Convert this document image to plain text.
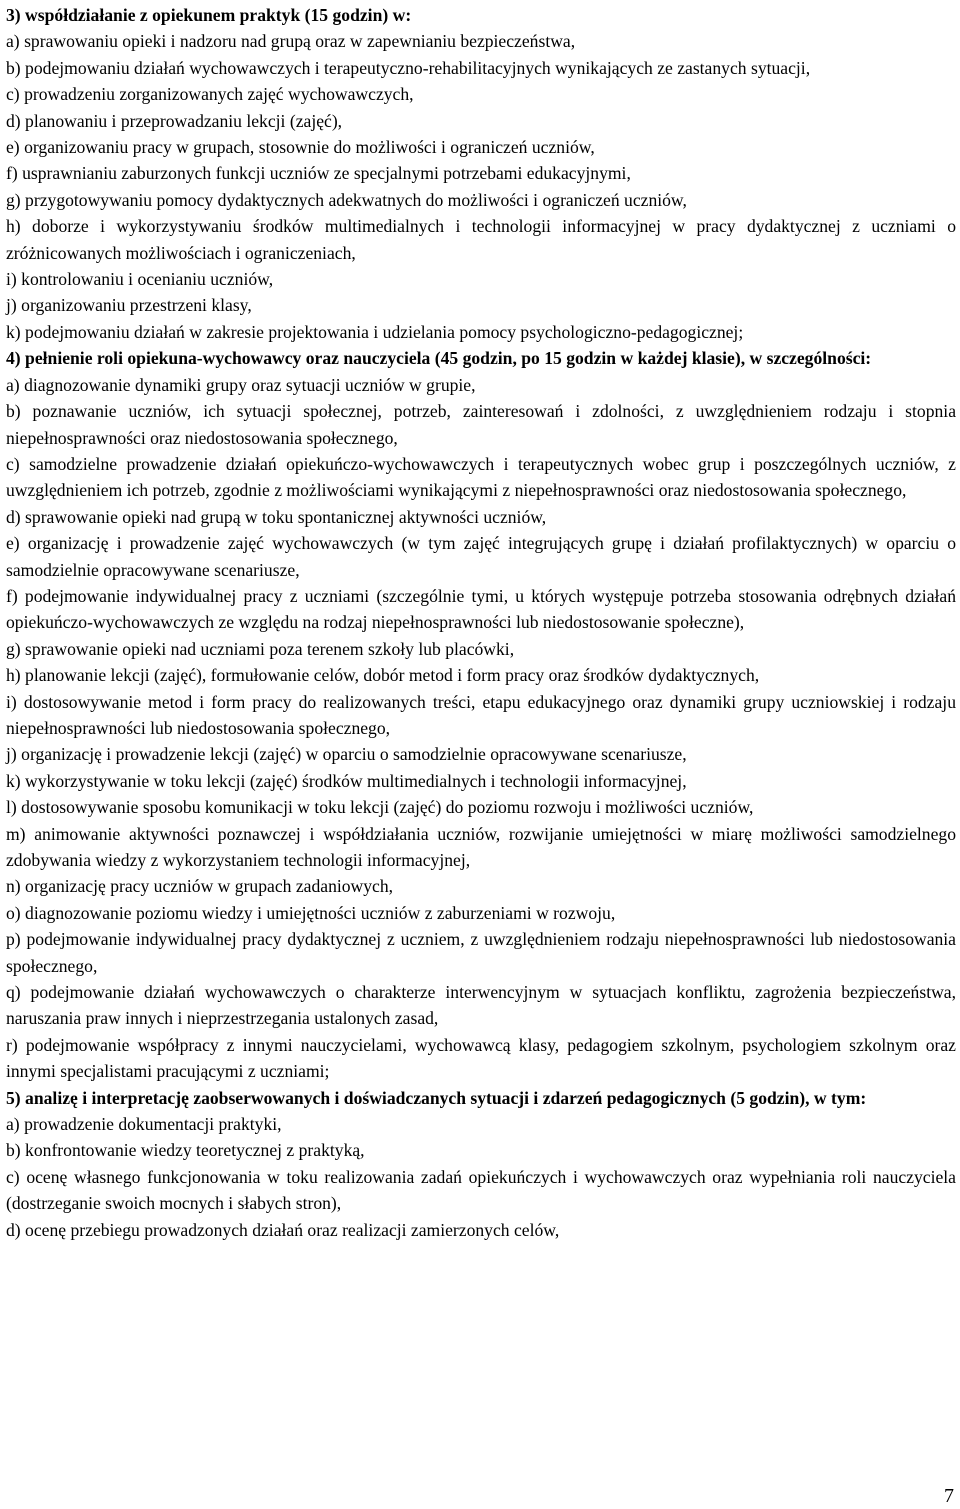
3) współdziałanie z opiekunem praktyk (15 godzin) w:

a) sprawowaniu opieki i nadzoru nad grupą oraz w zapewnianiu bezpieczeństwa,

b) podejmowaniu działań wychowawczych i terapeutyczno-rehabilitacyjnych wynikających ze zastanych sytuacji,

c) prowadzeniu zorganizowanych zajęć wychowawczych,

d) planowaniu i przeprowadzaniu lekcji (zajęć),

e) organizowaniu pracy w grupach, stosownie do możliwości i ograniczeń uczniów,

f) usprawnianiu zaburzonych funkcji uczniów ze specjalnymi potrzebami edukacyjnymi,

g) przygotowywaniu pomocy dydaktycznych adekwatnych do możliwości i ograniczeń uczniów,

h) doborze i wykorzystywaniu środków multimedialnych i technologii informacyjnej w pracy dydaktycznej z uczniami o zróżnicowanych możliwościach i ograniczeniach,

i) kontrolowaniu i ocenianiu uczniów,

j) organizowaniu przestrzeni klasy,

k) podejmowaniu działań w zakresie projektowania i udzielania pomocy psychologiczno-pedagogicznej;

4) pełnienie roli opiekuna-wychowawcy oraz nauczyciela (45 godzin, po 15 godzin w każdej klasie), w szczególności:

a) diagnozowanie dynamiki grupy oraz sytuacji uczniów w grupie,

b) poznawanie uczniów, ich sytuacji społecznej, potrzeb, zainteresowań i zdolności, z uwzględnieniem rodzaju i stopnia niepełnosprawności oraz niedostosowania społecznego,

c) samodzielne prowadzenie działań opiekuńczo-wychowawczych i terapeutycznych wobec grup i poszczególnych uczniów, z uwzględnieniem ich potrzeb, zgodnie z możliwościami wynikającymi z niepełnosprawności oraz niedostosowania społecznego,

d) sprawowanie opieki nad grupą w toku spontanicznej aktywności uczniów,

e) organizację i prowadzenie zajęć wychowawczych (w tym zajęć integrujących grupę i działań profilaktycznych) w oparciu o samodzielnie opracowywane scenariusze,

f) podejmowanie indywidualnej pracy z uczniami (szczególnie tymi, u których występuje potrzeba stosowania odrębnych działań opiekuńczo-wychowawczych ze względu na rodzaj niepełnosprawności lub niedostosowanie społeczne),

g) sprawowanie opieki nad uczniami poza terenem szkoły lub placówki,

h) planowanie lekcji (zajęć), formułowanie celów, dobór metod i form pracy oraz środków dydaktycznych,

i) dostosowywanie metod i form pracy do realizowanych treści, etapu edukacyjnego oraz dynamiki grupy uczniowskiej i rodzaju niepełnosprawności lub niedostosowania społecznego,

j) organizację i prowadzenie lekcji (zajęć) w oparciu o samodzielnie opracowywane scenariusze,

k) wykorzystywanie w toku lekcji (zajęć) środków multimedialnych i technologii informacyjnej,

l) dostosowywanie sposobu komunikacji w toku lekcji (zajęć) do poziomu rozwoju i możliwości uczniów,

m) animowanie aktywności poznawczej i współdziałania uczniów, rozwijanie umiejętności w miarę możliwości samodzielnego zdobywania wiedzy z wykorzystaniem technologii informacyjnej,

n) organizację pracy uczniów w grupach zadaniowych,

o) diagnozowanie poziomu wiedzy i umiejętności uczniów z zaburzeniami w rozwoju,

p) podejmowanie indywidualnej pracy dydaktycznej z uczniem, z uwzględnieniem rodzaju niepełnosprawności lub niedostosowania społecznego,

q) podejmowanie działań wychowawczych o charakterze interwencyjnym w sytuacjach konfliktu, zagrożenia bezpieczeństwa, naruszania praw innych i nieprzestrzegania ustalonych zasad,

r) podejmowanie współpracy z innymi nauczycielami, wychowawcą klasy, pedagogiem szkolnym, psychologiem szkolnym oraz innymi specjalistami pracującymi z uczniami;

5) analizę i interpretację zaobserwowanych i doświadczanych sytuacji i zdarzeń pedagogicznych (5 godzin), w tym:

a) prowadzenie dokumentacji praktyki,

b) konfrontowanie wiedzy teoretycznej z praktyką,

c) ocenę własnego funkcjonowania w toku realizowania zadań opiekuńczych i wychowawczych oraz wypełniania roli nauczyciela (dostrzeganie swoich mocnych i słabych stron),

d) ocenę przebiegu prowadzonych działań oraz realizacji zamierzonych celów,

7
